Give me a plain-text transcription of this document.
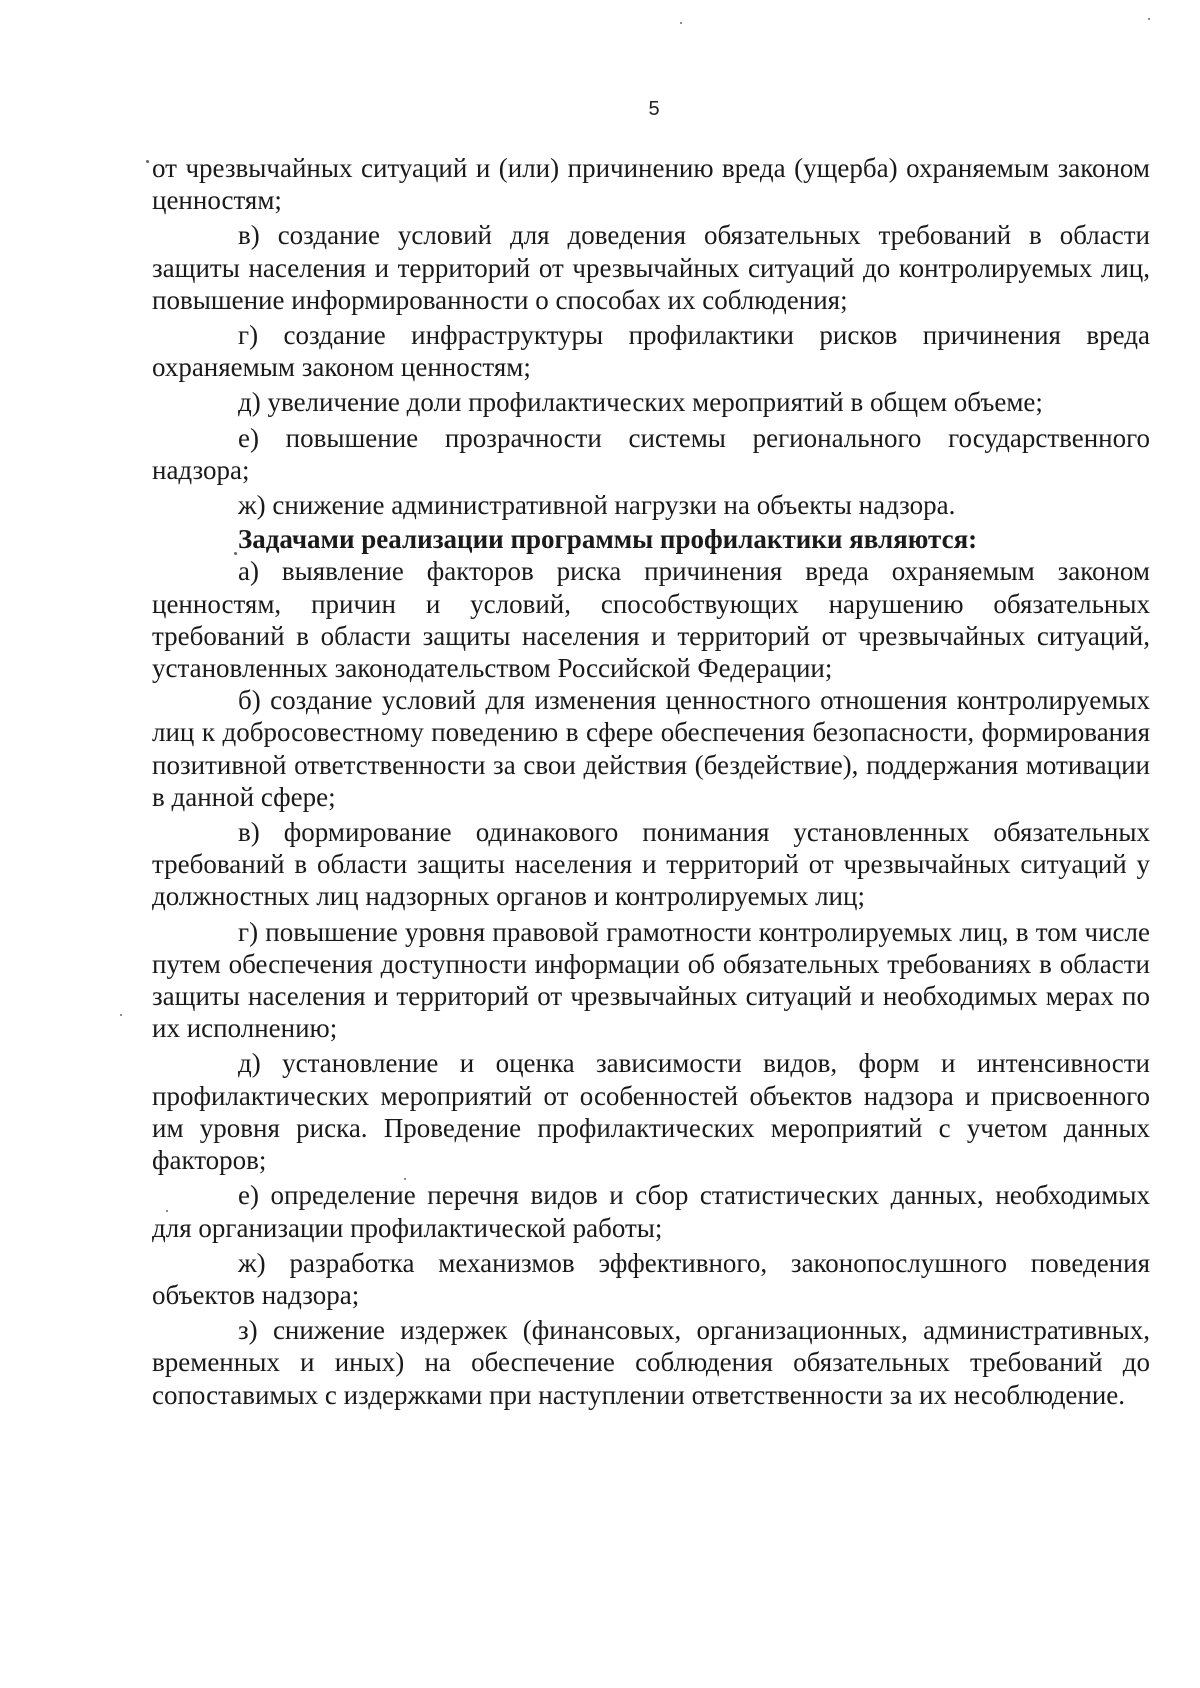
5

от чрезвычайных ситуаций и (или) причинению вреда (ущерба) охраняемым законом ценностям;

в) создание условий для доведения обязательных требований в области защиты населения и территорий от чрезвычайных ситуаций до контролируемых лиц, повышение информированности о способах их соблюдения;

г) создание инфраструктуры профилактики рисков причинения вреда охраняемым законом ценностям;

д) увеличение доли профилактических мероприятий в общем объеме;

е) повышение прозрачности системы регионального государственного надзора;

ж) снижение административной нагрузки на объекты надзора.

Задачами реализации программы профилактики являются:

а) выявление факторов риска причинения вреда охраняемым законом ценностям, причин и условий, способствующих нарушению обязательных требований в области защиты населения и территорий от чрезвычайных ситуаций, установленных законодательством Российской Федерации;

б) создание условий для изменения ценностного отношения контролируемых лиц к добросовестному поведению в сфере обеспечения безопасности, формирования позитивной ответственности за свои действия (бездействие), поддержания мотивации в данной сфере;

в) формирование одинакового понимания установленных обязательных требований в области защиты населения и территорий от чрезвычайных ситуаций у должностных лиц надзорных органов и контролируемых лиц;

г) повышение уровня правовой грамотности контролируемых лиц, в том числе путем обеспечения доступности информации об обязательных требованиях в области защиты населения и территорий от чрезвычайных ситуаций и необходимых мерах по их исполнению;

д) установление и оценка зависимости видов, форм и интенсивности профилактических мероприятий от особенностей объектов надзора и присвоенного им уровня риска. Проведение профилактических мероприятий с учетом данных факторов;

е) определение перечня видов и сбор статистических данных, необходимых для организации профилактической работы;

ж) разработка механизмов эффективного, законопослушного поведения объектов надзора;

з) снижение издержек (финансовых, организационных, административных, временных и иных) на обеспечение соблюдения обязательных требований до сопоставимых с издержками при наступлении ответственности за их несоблюдение.
